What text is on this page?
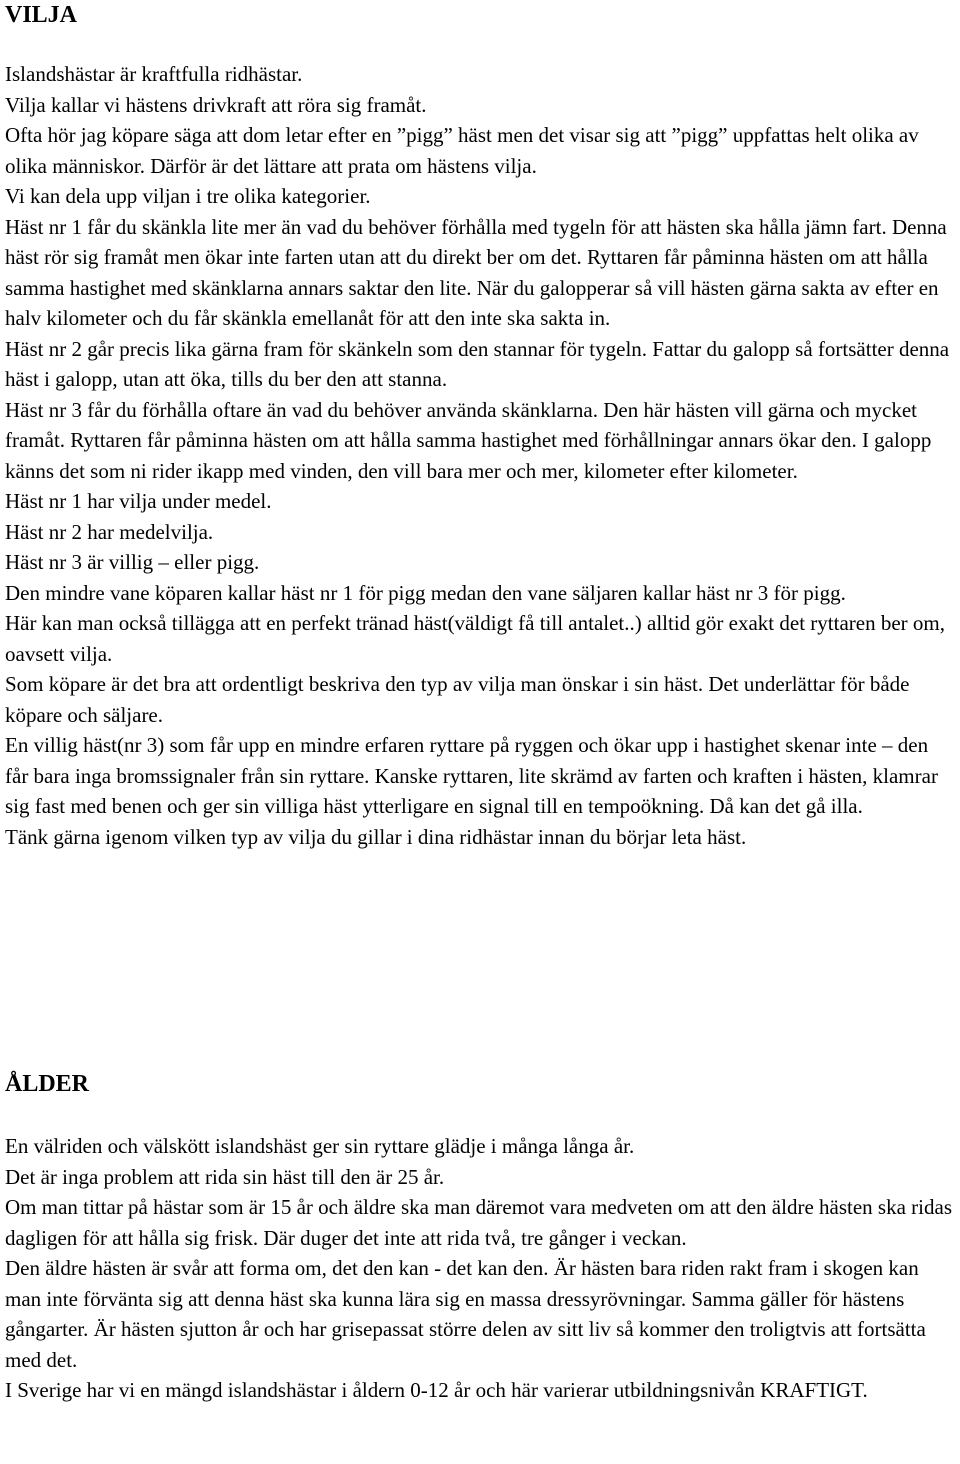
VILJA

Islandshästar är kraftfulla ridhästar.

Vilja kallar vi hästens drivkraft att röra sig framåt.

Ofta hör jag köpare säga att dom letar efter en ”pigg” häst men det visar sig att ”pigg” uppfattas helt olika av olika människor. Därför är det lättare att prata om hästens vilja.

Vi kan dela upp viljan i tre olika kategorier.

Häst nr 1 får du skänkla lite mer än vad du behöver förhålla med tygeln för att hästen ska hålla jämn fart. Denna häst rör sig framåt men ökar inte farten utan att du direkt ber om det. Ryttaren får påminna hästen om att hålla samma hastighet med skänklarna annars saktar den lite. När du galopperar så vill hästen gärna sakta av efter en halv kilometer och du får skänkla emellanåt för att den inte ska sakta in.

Häst nr 2 går precis lika gärna fram för skänkeln som den stannar för tygeln. Fattar du galopp så fortsätter denna häst i galopp, utan att öka, tills du ber den att stanna.

Häst nr 3 får du förhålla oftare än vad du behöver använda skänklarna. Den här hästen vill gärna och mycket framåt. Ryttaren får påminna hästen om att hålla samma hastighet med förhållningar annars ökar den. I galopp känns det som ni rider ikapp med vinden, den vill bara mer och mer, kilometer efter kilometer.

Häst nr 1 har vilja under medel.

Häst nr 2 har medelvilja.

Häst nr 3 är villig – eller pigg.

Den mindre vane köparen kallar häst nr 1 för pigg medan den vane säljaren kallar häst nr 3 för pigg.

Här kan man också tillägga att en perfekt tränad häst(väldigt få till antalet..) alltid gör exakt det ryttaren ber om, oavsett vilja.

Som köpare är det bra att ordentligt beskriva den typ av vilja man önskar i sin häst. Det underlättar för både köpare och säljare.

En villig häst(nr 3) som får upp en mindre erfaren ryttare på ryggen och ökar upp i hastighet skenar inte – den får bara inga bromssignaler från sin ryttare. Kanske ryttaren, lite skrämd av farten och kraften i hästen, klamrar sig fast med benen och ger sin villiga häst ytterligare en signal till en tempoökning. Då kan det gå illa.

Tänk gärna igenom vilken typ av vilja du gillar i dina ridhästar innan du börjar leta häst.

ÅLDER

En välriden och välskött islandshäst ger sin ryttare glädje i många långa år.

Det är inga problem att rida sin häst till den är 25 år.

Om man tittar på hästar som är 15 år och äldre ska man däremot vara medveten om att den äldre hästen ska ridas dagligen för att hålla sig frisk. Där duger det inte att rida två, tre gånger i veckan.

Den äldre hästen är svår att forma om, det den kan - det kan den. Är hästen bara riden rakt fram i skogen kan man inte förvänta sig att denna häst ska kunna lära sig en massa dressyrövningar. Samma gäller för hästens gångarter. Är hästen sjutton år och har grisepassat större delen av sitt liv så kommer den troligtvis att fortsätta med det.

I Sverige har vi en mängd islandshästar i åldern 0-12 år och här varierar utbildningsnivån KRAFTIGT.
